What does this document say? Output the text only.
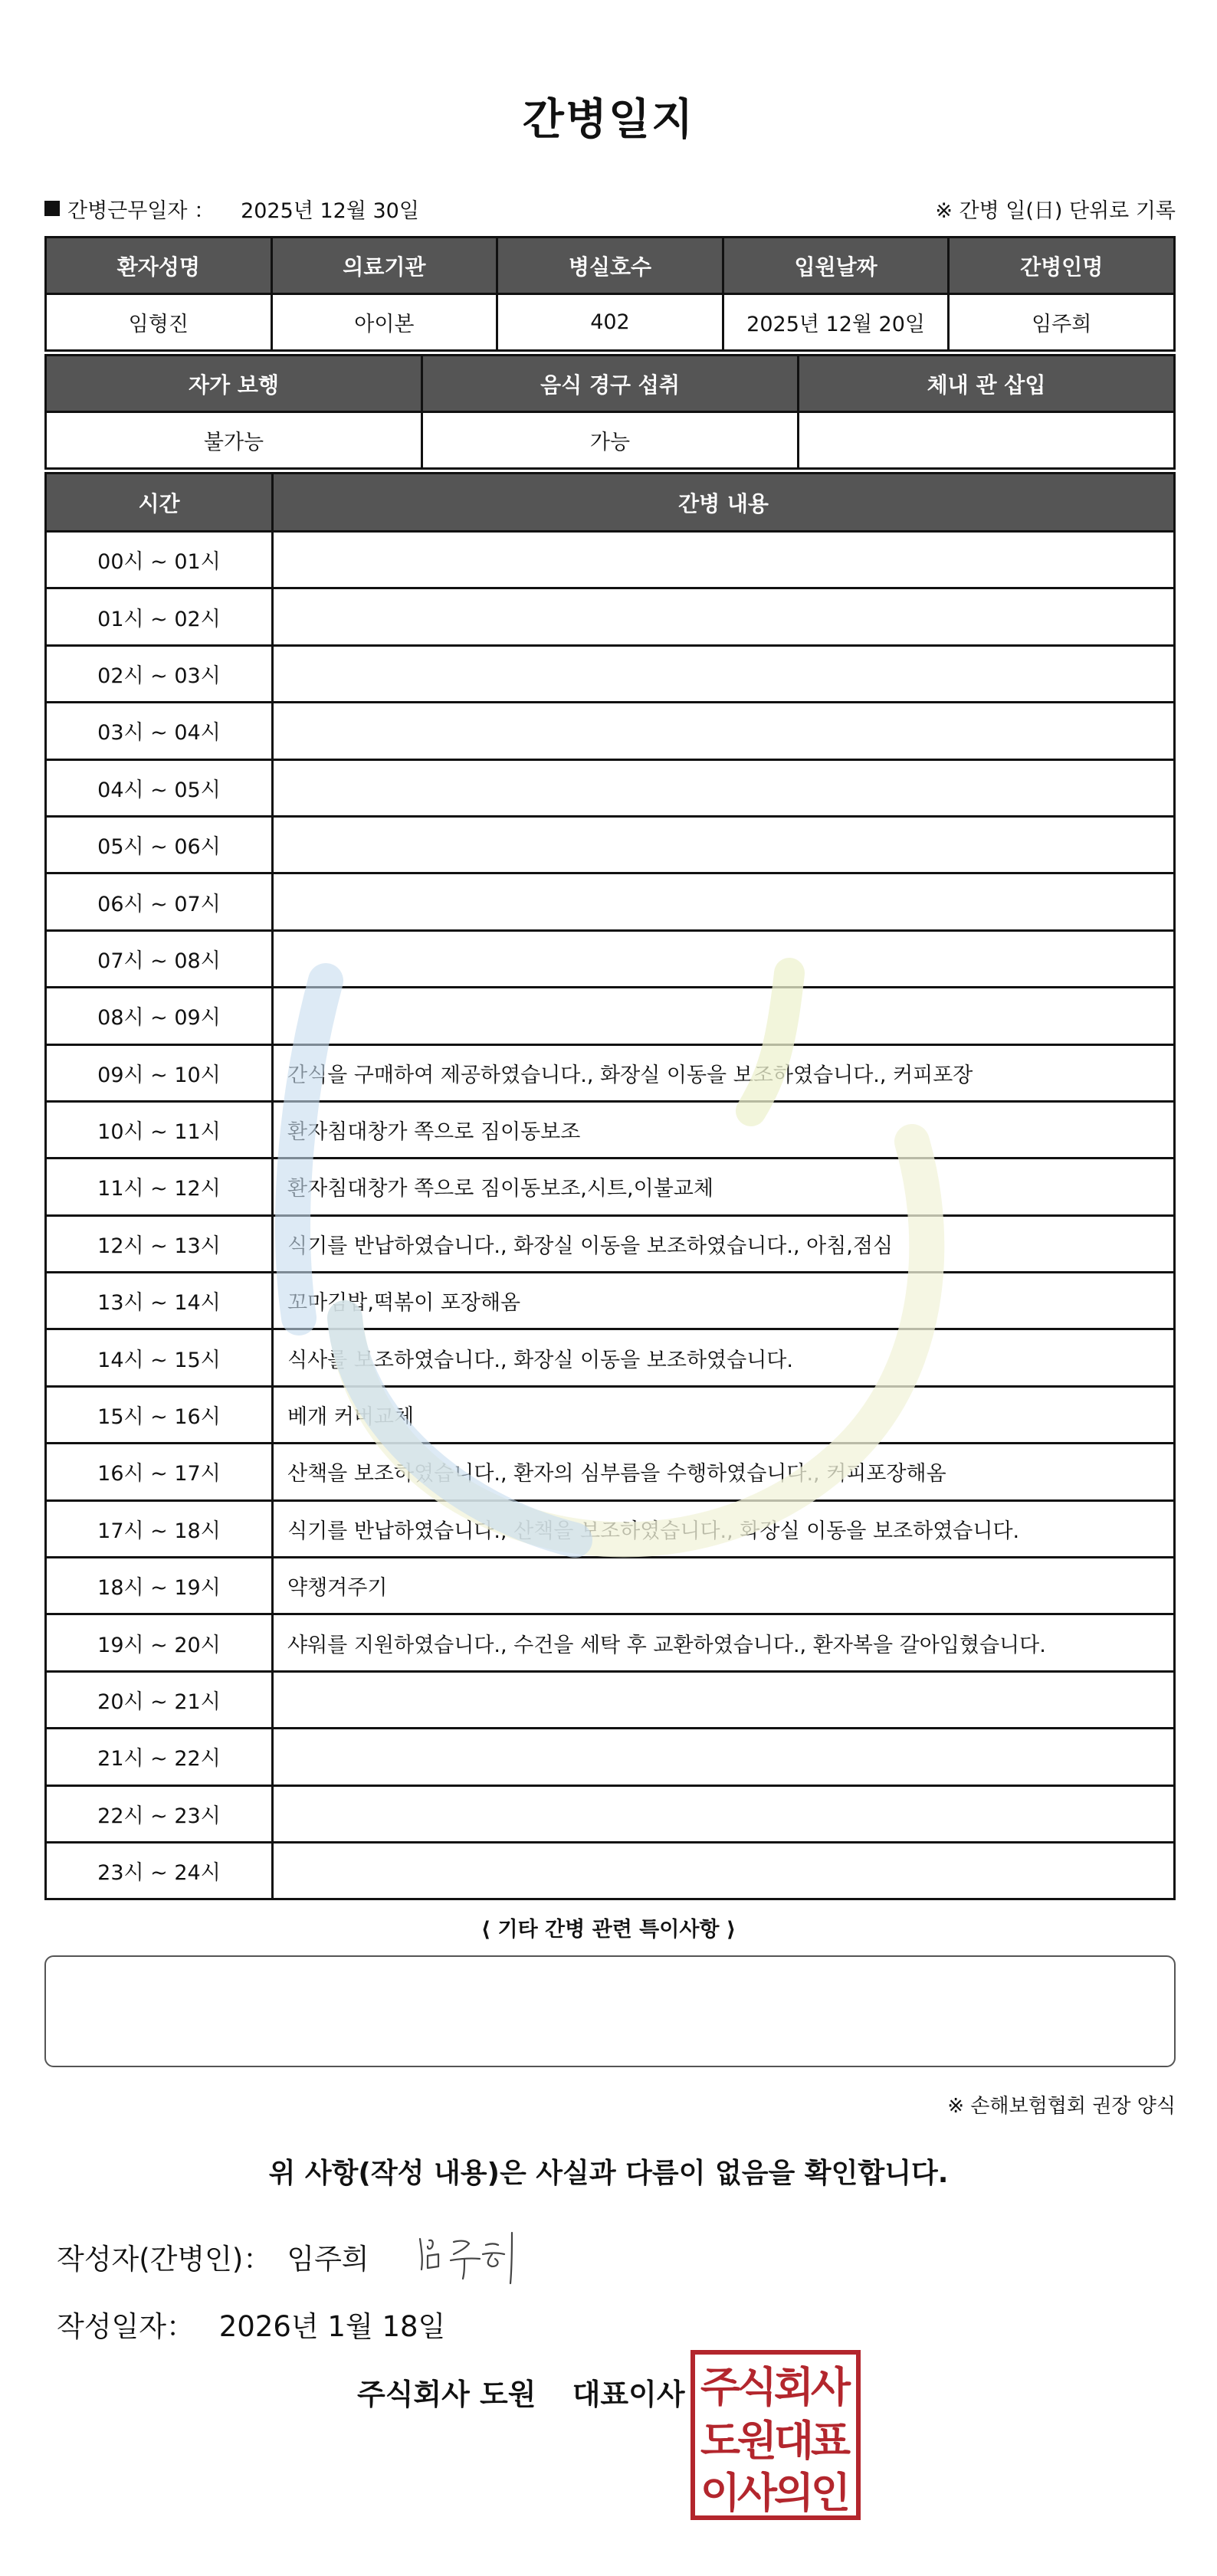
간병일지
간병근무일자 ： 2025년 12월 30일	※ 간병 일(日) 단위로 기록
환자성명	의료기관	병실호수	입원날짜	간병인명
임형진	아이본	402	2025년 12월 20일	임주희
자가 보행	음식 경구 섭취	체내 관 삽입
불가능	가능	
시간	간병 내용
00시 ~ 01시	
01시 ~ 02시	
02시 ~ 03시	
03시 ~ 04시	
04시 ~ 05시	
05시 ~ 06시	
06시 ~ 07시	
07시 ~ 08시	
08시 ~ 09시	
09시 ~ 10시	간식을 구매하여 제공하였습니다., 화장실 이동을 보조하였습니다., 커피포장
10시 ~ 11시	환자침대창가 쪽으로 짐이동보조
11시 ~ 12시	환자침대창가 쪽으로 짐이동보조,시트,이불교체
12시 ~ 13시	식기를 반납하였습니다., 화장실 이동을 보조하였습니다., 아침,점심
13시 ~ 14시	꼬마김밥,떡볶이 포장해옴
14시 ~ 15시	식사를 보조하였습니다., 화장실 이동을 보조하였습니다.
15시 ~ 16시	베개 커버교체
16시 ~ 17시	산책을 보조하였습니다., 환자의 심부름을 수행하였습니다., 커피포장해옴
17시 ~ 18시	식기를 반납하였습니다., 산책을 보조하였습니다., 화장실 이동을 보조하였습니다.
18시 ~ 19시	약챙겨주기
19시 ~ 20시	샤워를 지원하였습니다., 수건을 세탁 후 교환하였습니다., 환자복을 갈아입혔습니다.
20시 ~ 21시	
21시 ~ 22시	
22시 ~ 23시	
23시 ~ 24시	
⟨ 기타 간병 관련 특이사항 ⟩
※ 손해보험협회 권장 양식
위 사항(작성 내용)은 사실과 다름이 없음을 확인합니다.
작성자(간병인)： 임주희
작성일자： 2026년 1월 18일
주식회사 도원 대표이사 주
식
회
사
도
원
대
표
이
사
의
인
